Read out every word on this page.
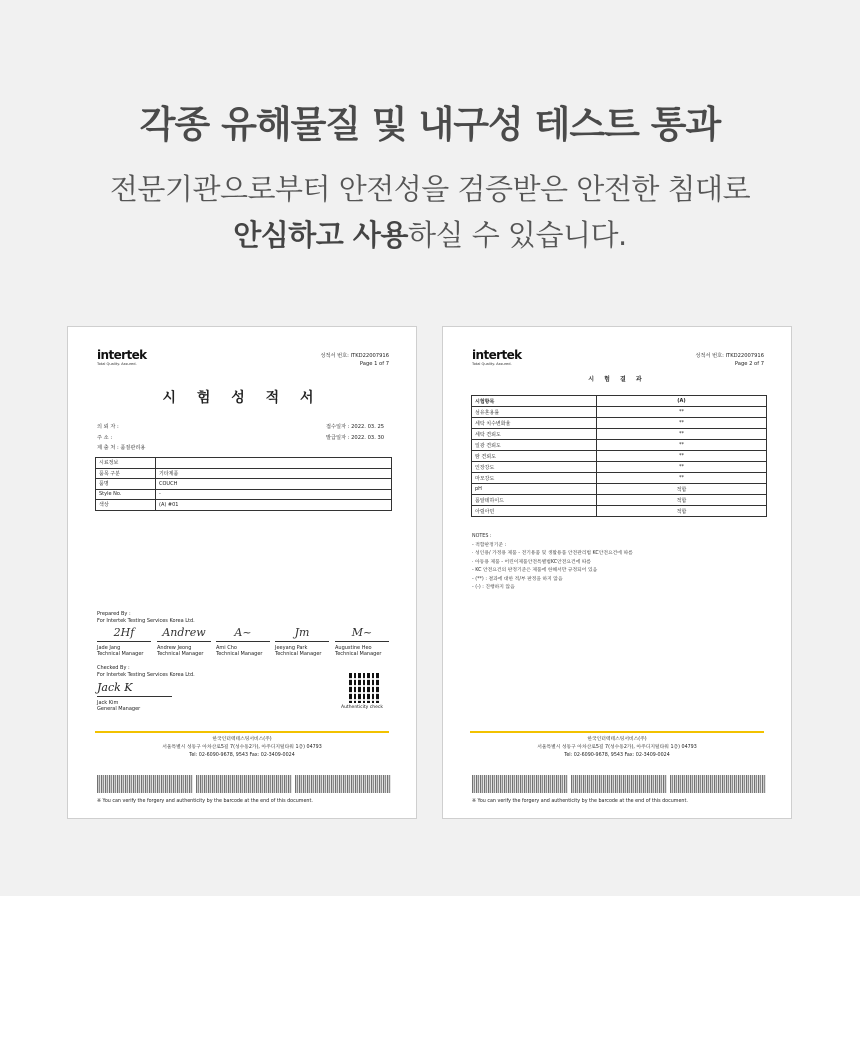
각종 유해물질 및 내구성 테스트 통과
전문기관으로부터 안전성을 검증받은 안전한 침대로
안심하고 사용하실 수 있습니다.
intertek
Total Quality. Assured.
성적서 번호: ITKD22007916
Page 1 of 7
시 험 성 적 서
의 뢰 자 :
주 소 :
제 출 처 : 품질관리용
접수일자 : 2022. 03. 25
발급일자 : 2022. 03. 30
시료정보	
품목 구분	기타제품
품명	COUCH
Style No.	-
색상	(A) #01
Prepared By :
For Intertek Testing Services Korea Ltd.
2Hf
Jade Jang
Technical Manager
Andrew
Andrew Jeong
Technical Manager
A~
Ami Cho
Technical Manager
Jm
Jeeyang Park
Technical Manager
M~
Augustine Heo
Technical Manager
Checked By :
For Intertek Testing Services Korea Ltd.
Jack K
Jack Kim
General Manager	Authenticity check
한국인터텍테스팅서비스(주)
서울특별시 성동구 아차산로5길 7(성수동2가), 아주디지털타워 1층) 04793
Tel: 02-6090-9678, 9543 Fax: 02-3409-0024
※ You can verify the forgery and authenticity by the barcode at the end of this document.
intertek
Total Quality. Assured.
성적서 번호: ITKD22007916
Page 2 of 7
시 험 결 과
시험항목	(A)
섬유혼용률	**
세탁 치수변화율	**
세탁 견뢰도	**
일광 견뢰도	**
땀 견뢰도	**
인장강도	**
마모강도	**
pH	적합
폼알데하이드	적합
아릴아민	적합
NOTES :
- 적합판정기준 :
· 성인용/ 가정용 제품 - 전기용품 및 생활용품 안전관리법 KC안전요건에 따름
· 아동용 제품 - 어린이제품안전특별법KC안전요건에 따름
- KC 안전요건의 판정기준은 제품에 한해서만 규정되어 있음
- (**) : 결과에 대한 적/부 판정을 하지 않음
- (-) : 진행하지 않음
한국인터텍테스팅서비스(주)
서울특별시 성동구 아차산로5길 7(성수동2가), 아주디지털타워 1층) 04793
Tel: 02-6090-9678, 9543 Fax: 02-3409-0024
※ You can verify the forgery and authenticity by the barcode at the end of this document.
